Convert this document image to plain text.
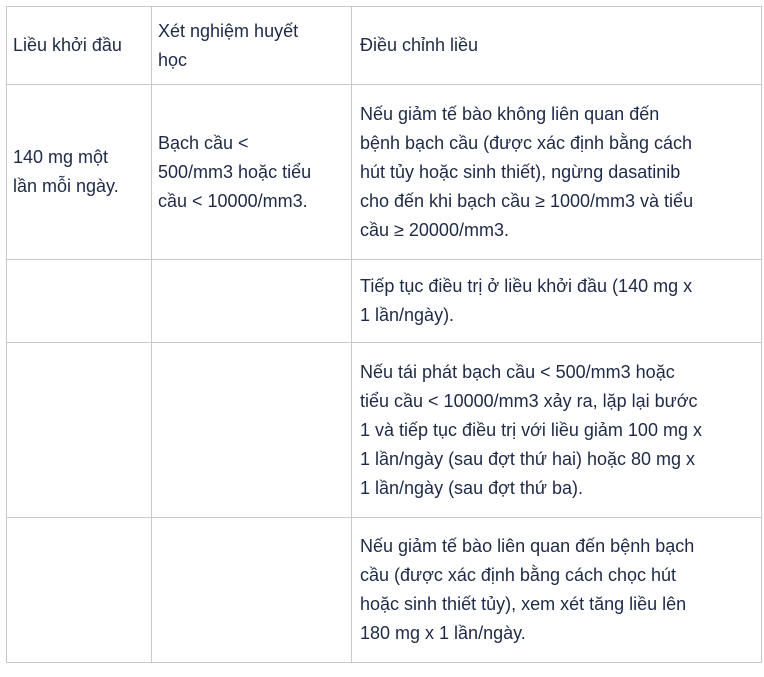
Liều khởi đầu	Xét nghiệm huyết học	Điều chỉnh liều

140 mg một lần mỗi ngày.	Bạch cầu < 500/mm3 hoặc tiểu cầu < 10000/mm3.	Nếu giảm tế bào không liên quan đến bệnh bạch cầu (được xác định bằng cách hút tủy hoặc sinh thiết), ngừng dasatinib cho đến khi bạch cầu ≥ 1000/mm3 và tiểu cầu ≥ 20000/mm3.

		Tiếp tục điều trị ở liều khởi đầu (140 mg x 1 lần/ngày).

		Nếu tái phát bạch cầu < 500/mm3 hoặc tiểu cầu < 10000/mm3 xảy ra, lặp lại bước 1 và tiếp tục điều trị với liều giảm 100 mg x 1 lần/ngày (sau đợt thứ hai) hoặc 80 mg x 1 lần/ngày (sau đợt thứ ba).

		Nếu giảm tế bào liên quan đến bệnh bạch cầu (được xác định bằng cách chọc hút hoặc sinh thiết tủy), xem xét tăng liều lên 180 mg x 1 lần/ngày.
